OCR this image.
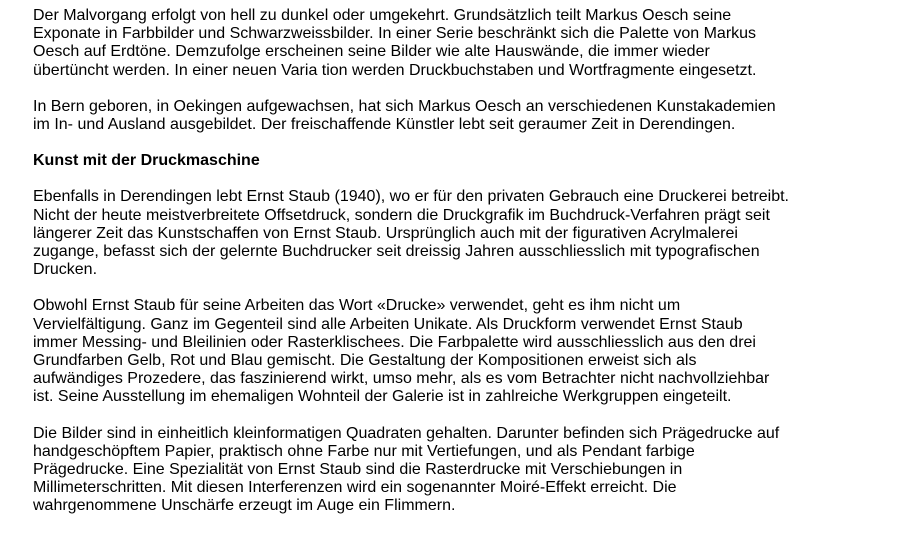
Der Malvorgang erfolgt von hell zu dunkel oder umgekehrt. Grundsätzlich teilt Markus Oesch seine
Exponate in Farbbilder und Schwarzweissbilder. In einer Serie beschränkt sich die Palette von Markus
Oesch auf Erdtöne. Demzufolge erscheinen seine Bilder wie alte Hauswände, die immer wieder
übertüncht werden. In einer neuen Varia tion werden Druckbuchstaben und Wortfragmente eingesetzt.

In Bern geboren, in Oekingen aufgewachsen, hat sich Markus Oesch an verschiedenen Kunstakademien
im In- und Ausland ausgebildet. Der freischaffende Künstler lebt seit geraumer Zeit in Derendingen.

Kunst mit der Druckmaschine

Ebenfalls in Derendingen lebt Ernst Staub (1940), wo er für den privaten Gebrauch eine Druckerei betreibt.
Nicht der heute meistverbreitete Offsetdruck, sondern die Druckgrafik im Buchdruck-Verfahren prägt seit
längerer Zeit das Kunstschaffen von Ernst Staub. Ursprünglich auch mit der figurativen Acrylmalerei
zugange, befasst sich der gelernte Buchdrucker seit dreissig Jahren ausschliesslich mit typografischen
Drucken.

Obwohl Ernst Staub für seine Arbeiten das Wort «Drucke» verwendet, geht es ihm nicht um
Vervielfältigung. Ganz im Gegenteil sind alle Arbeiten Unikate. Als Druckform verwendet Ernst Staub
immer Messing- und Bleilinien oder Rasterklischees. Die Farbpalette wird ausschliesslich aus den drei
Grundfarben Gelb, Rot und Blau gemischt. Die Gestaltung der Kompositionen erweist sich als
aufwändiges Prozedere, das faszinierend wirkt, umso mehr, als es vom Betrachter nicht nachvollziehbar
ist. Seine Ausstellung im ehemaligen Wohnteil der Galerie ist in zahlreiche Werkgruppen eingeteilt.

Die Bilder sind in einheitlich kleinformatigen Quadraten gehalten. Darunter befinden sich Prägedrucke auf
handgeschöpftem Papier, praktisch ohne Farbe nur mit Vertiefungen, und als Pendant farbige
Prägedrucke. Eine Spezialität von Ernst Staub sind die Rasterdrucke mit Verschiebungen in
Millimeterschritten. Mit diesen Interferenzen wird ein sogenannter Moiré-Effekt erreicht. Die
wahrgenommene Unschärfe erzeugt im Auge ein Flimmern.
